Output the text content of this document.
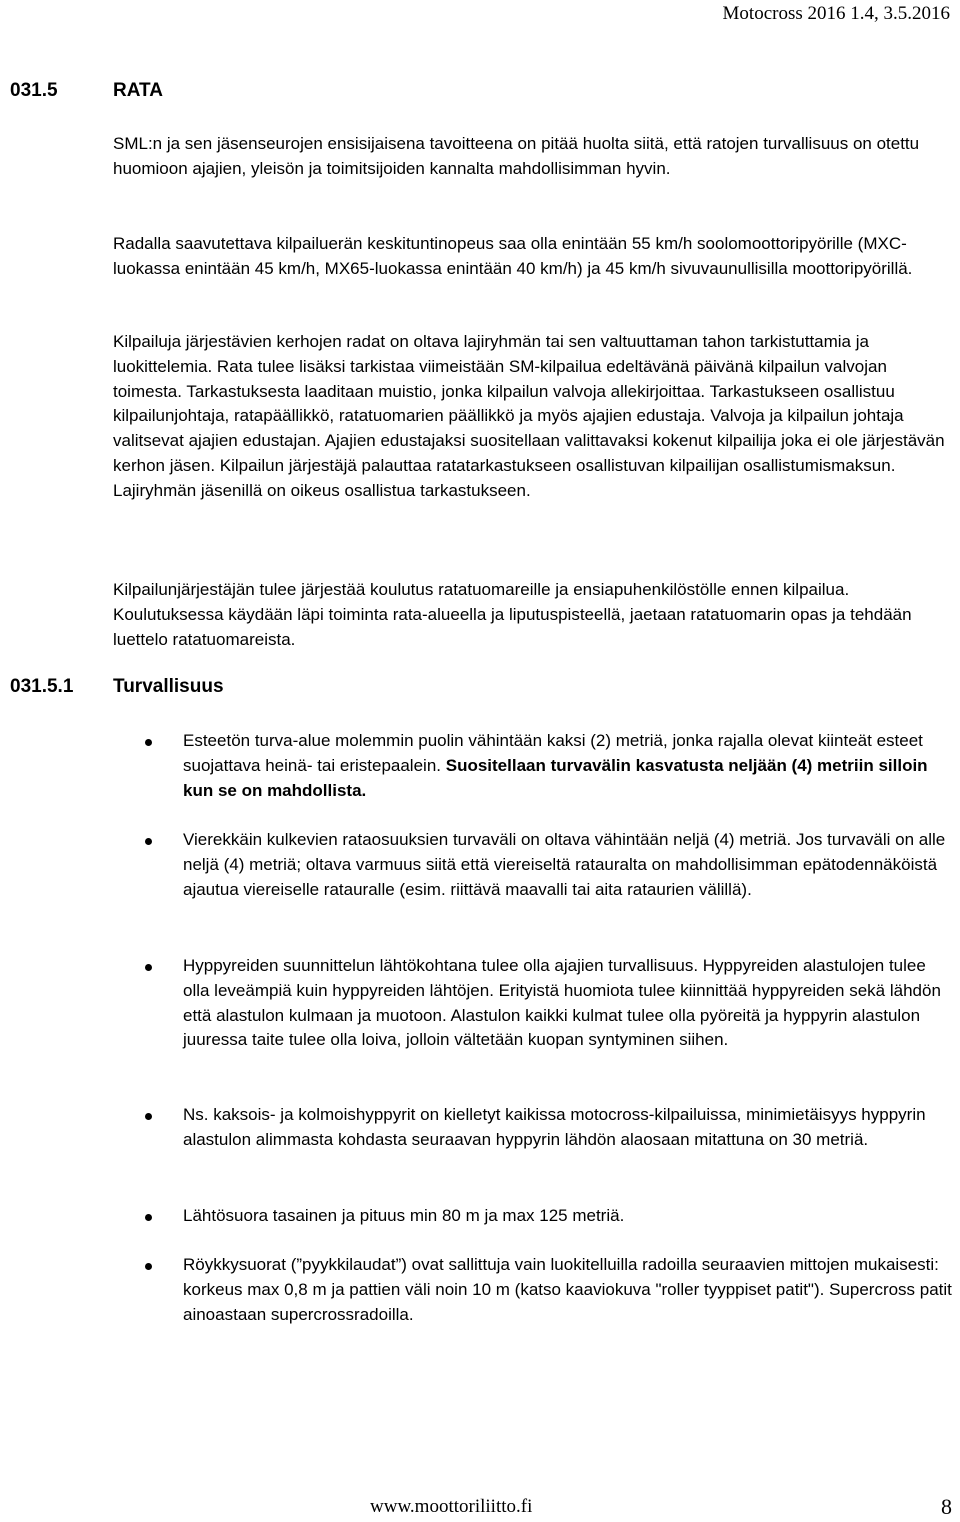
Motocross 2016 1.4, 3.5.2016
031.5	RATA

SML:n ja sen jäsenseurojen ensisijaisena tavoitteena on pitää huolta siitä, että ratojen turvallisuus on otettu huomioon ajajien, yleisön ja toimitsijoiden kannalta mahdollisimman hyvin.

Radalla saavutettava kilpailuerän keskituntinopeus saa olla enintään 55 km/h soolomoottoripyörille (MXC-luokassa enintään 45 km/h, MX65-luokassa enintään 40 km/h) ja 45 km/h sivuvaunullisilla moottoripyörillä.

Kilpailuja järjestävien kerhojen radat on oltava lajiryhmän tai sen valtuuttaman tahon tarkistuttamia ja luokittelemia. Rata tulee lisäksi tarkistaa viimeistään SM-kilpailua edeltävänä päivänä kilpailun valvojan toimesta. Tarkastuksesta laaditaan muistio, jonka kilpailun valvoja allekirjoittaa. Tarkastukseen osallistuu kilpailunjohtaja, ratapäällikkö, ratatuomarien päällikkö ja myös ajajien edustaja. Valvoja ja kilpailun johtaja valitsevat ajajien edustajan. Ajajien edustajaksi suositellaan valittavaksi kokenut kilpailija joka ei ole järjestävän kerhon jäsen. Kilpailun järjestäjä palauttaa ratatarkastukseen osallistuvan kilpailijan osallistumismaksun. Lajiryhmän jäsenillä on oikeus osallistua tarkastukseen.

Kilpailunjärjestäjän tulee järjestää koulutus ratatuomareille ja ensiapuhenkilöstölle ennen kilpailua. Koulutuksessa käydään läpi toiminta rata-alueella ja liputuspisteellä, jaetaan ratatuomarin opas ja tehdään luettelo ratatuomareista.

031.5.1 Turvallisuus

Esteetön turva-alue molemmin puolin vähintään kaksi (2) metriä, jonka rajalla olevat kiinteät esteet suojattava heinä- tai eristepaalein. Suositellaan turvavälin kasvatusta neljään (4) metriin silloin kun se on mahdollista.

Vierekkäin kulkevien rataosuuksien turvaväli on oltava vähintään neljä (4) metriä. Jos turvaväli on alle neljä (4) metriä; oltava varmuus siitä että viereiseltä ratauralta on mahdollisimman epätodennäköistä ajautua viereiselle ratauralle (esim. riittävä maavalli tai aita rataurien välillä).

Hyppyreiden suunnittelun lähtökohtana tulee olla ajajien turvallisuus. Hyppyreiden alastulojen tulee olla leveämpiä kuin hyppyreiden lähtöjen. Erityistä huomiota tulee kiinnittää hyppyreiden sekä lähdön että alastulon kulmaan ja muotoon. Alastulon kaikki kulmat tulee olla pyöreitä ja hyppyrin alastulon juuressa taite tulee olla loiva, jolloin vältetään kuopan syntyminen siihen.

Ns. kaksois- ja kolmoishyppyrit on kielletyt kaikissa motocross-kilpailuissa, minimietäisyys hyppyrin alastulon alimmasta kohdasta seuraavan hyppyrin lähdön alaosaan mitattuna on 30 metriä.

Lähtösuora tasainen ja pituus min 80 m ja max 125 metriä.

Röykkysuorat (”pyykkilaudat”) ovat sallittuja vain luokitelluilla radoilla seuraavien mittojen mukaisesti: korkeus max 0,8 m ja pattien väli noin 10 m (katso kaaviokuva "roller tyyppiset patit"). Supercross patit ainoastaan supercrossradoilla.

www.moottoriliitto.fi	8
